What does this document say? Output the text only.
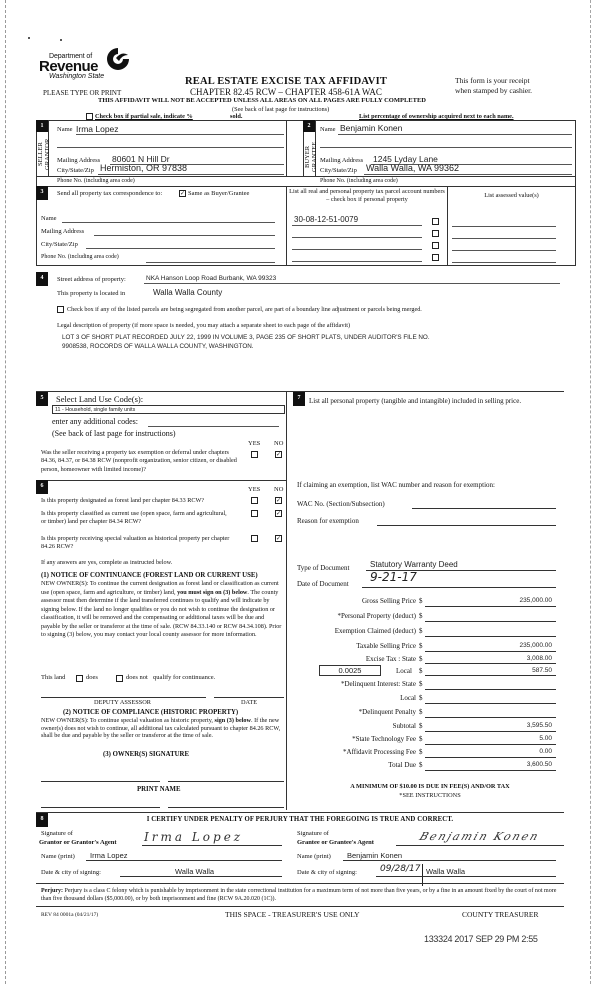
Department of
Revenue
Washington State
PLEASE TYPE OR PRINT
REAL ESTATE EXCISE TAX AFFIDAVIT
CHAPTER 82.45 RCW – CHAPTER 458-61A WAC
This form is your receipt
when stamped by cashier.
THIS AFFIDAVIT WILL NOT BE ACCEPTED UNLESS ALL AREAS ON ALL PAGES ARE FULLY COMPLETED
(See back of last page for instructions)
Check box if partial sale, indicate %	sold.	List percentage of ownership acquired next to each name.
1
SELLER
GRANTOR
Name Irma Lopez
Mailing Address 80601 N Hill Dr
City/State/Zip Hermiston, OR 97838
Phone No. (including area code)
2
BUYER
GRANTEE
Name Benjamin Konen
Mailing Address 1245 Lyday Lane
City/State/Zip Walla Walla, WA 99362
Phone No. (including area code)
3	Send all property tax correspondence to:	✓ Same as Buyer/Grantee
Name
Mailing Address
City/State/Zip
Phone No. (including area code)
List all real and personal property tax parcel account numbers – check box if personal property	List assessed value(s)
30-08-12-51-0079
4	Street address of property:	NKA Hanson Loop Road Burbank, WA 99323
This property is located in	Walla Walla County
Check box if any of the listed parcels are being segregated from another parcel, are part of a boundary line adjustment or parcels being merged.
Legal description of property (if more space is needed, you may attach a separate sheet to each page of the affidavit)
LOT 3 OF SHORT PLAT RECORDED JULY 22, 1999 IN VOLUME 3, PAGE 235 OF SHORT PLATS, UNDER AUDITOR'S FILE NO.
9908538, ROCORDS OF WALLA WALLA COUNTY, WASHINGTON.
5	Select Land Use Code(s):
11 - Household, single family units
enter any additional codes:
(See back of last page for instructions)
YES NO
Was the seller receiving a property tax exemption or deferral under chapters 84.36, 84.37, or 84.38 RCW (nonprofit organization, senior citizen, or disabled person, homeowner with limited income)?
✓
6	YES NO
Is this property designated as forest land per chapter 84.33 RCW?	✓
Is this property classified as current use (open space, farm and agricultural, or timber) land per chapter 84.34 RCW?
✓
Is this property receiving special valuation as historical property per chapter 84.26 RCW?
✓
If any answers are yes, complete as instructed below.
(1) NOTICE OF CONTINUANCE (FOREST LAND OR CURRENT USE)
NEW OWNER(S): To continue the current designation as forest land or classification as current use (open space, farm and agriculture, or timber) land, you must sign on (3) below. The county assessor must then determine if the land transferred continues to qualify and will indicate by signing below. If the land no longer qualifies or you do not wish to continue the designation or classification, it will be removed and the compensating or additional taxes will be due and payable by the seller or transferor at the time of sale. (RCW 84.33.140 or RCW 84.34.108). Prior to signing (3) below, you may contact your local county assessor for more information.
This land	does	does not qualify for continuance.
DEPUTY ASSESSOR	DATE
(2) NOTICE OF COMPLIANCE (HISTORIC PROPERTY)
NEW OWNER(S): To continue special valuation as historic property, sign (3) below. If the new owner(s) does not wish to continue, all additional tax calculated pursuant to chapter 84.26 RCW, shall be due and payable by the seller or transferor at the time of sale.
(3) OWNER(S) SIGNATURE
PRINT NAME
7	List all personal property (tangible and intangible) included in selling price.
If claiming an exemption, list WAC number and reason for exemption:
WAC No. (Section/Subsection)
Reason for exemption
Type of Document	Statutory Warranty Deed
Date of Document 9-21-17
Gross Selling Price $	235,000.00
*Personal Property (deduct) $
Exemption Claimed (deduct) $
Taxable Selling Price $	235,000.00
Excise Tax : State $	3,008.00
0.0025	Local $	587.50
*Delinquent Interest: State $
Local $
*Delinquent Penalty $
Subtotal $	3,595.50
*State Technology Fee $	5.00
*Affidavit Processing Fee $	0.00
Total Due $	3,600.50
A MINIMUM OF $10.00 IS DUE IN FEE(S) AND/OR TAX
*SEE INSTRUCTIONS
8	I CERTIFY UNDER PENALTY OF PERJURY THAT THE FOREGOING IS TRUE AND CORRECT.
Signature of
Grantor or Grantor's Agent Irma Lopez	Signature of
Grantee or Grantee's Agent	Benjamin Konen
Name (print) Irma Lopez	Name (print) Benjamin Konen
Date & city of signing:	Walla Walla	Date & city of signing:	09/28/17 Walla Walla
Perjury: Perjury is a class C felony which is punishable by imprisonment in the state correctional institution for a maximum term of not more than five years, or by a fine in an amount fixed by the court of not more than five thousand dollars ($5,000.00), or by both imprisonment and fine (RCW 9A.20.020 (1C)).
REV 84 0001a (04/21/17)	THIS SPACE - TREASURER'S USE ONLY	COUNTY TREASURER
133324 2017 SEP 29 PM 2:55
